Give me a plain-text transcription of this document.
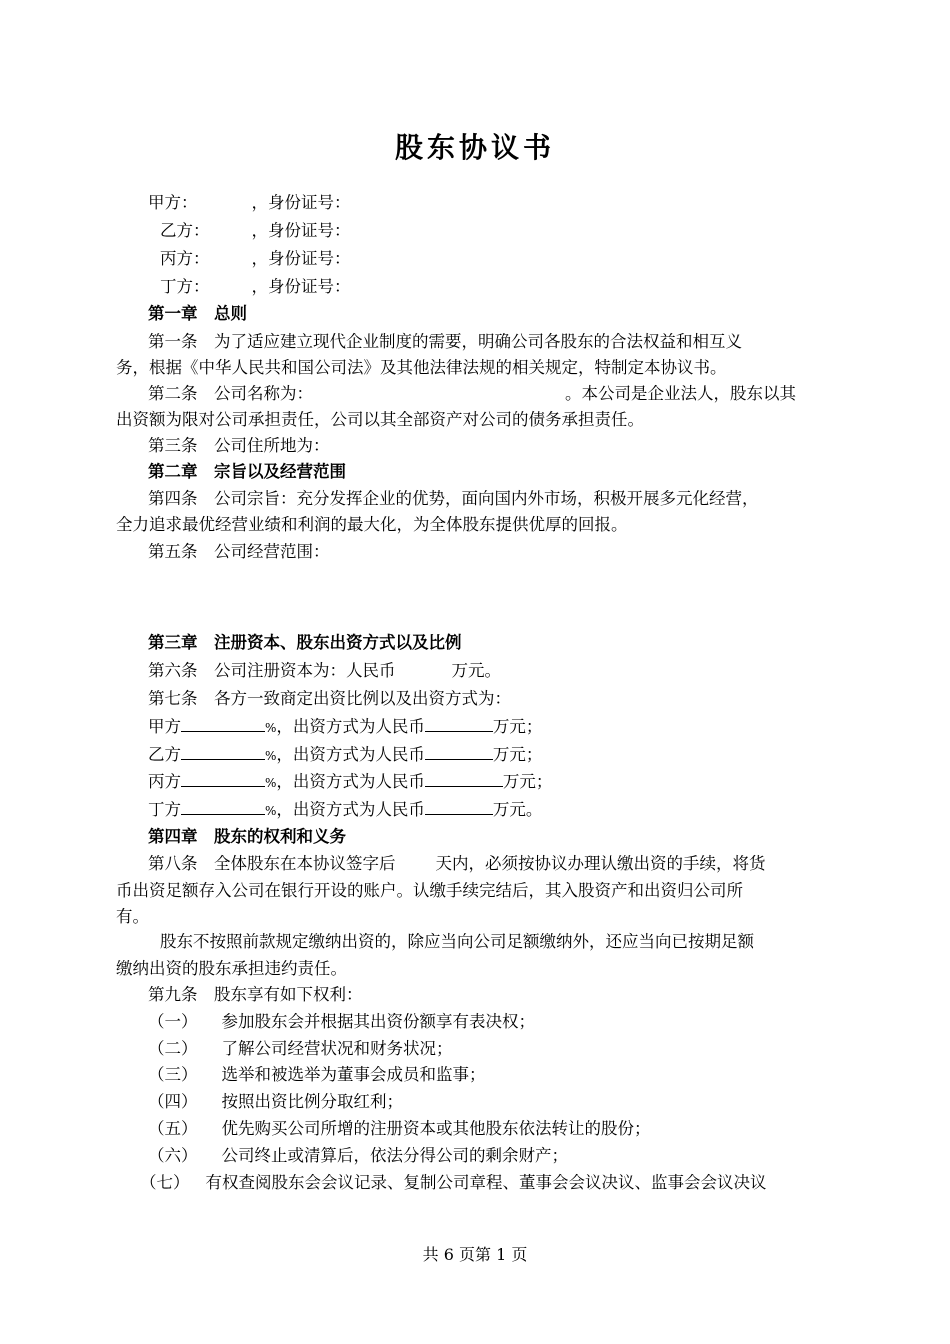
股东协议书
甲方：	，身份证号：
乙方：	，身份证号：
丙方：	，身份证号：
丁方：	，身份证号：
第一章　总则
第一条　为了适应建立现代企业制度的需要，明确公司各股东的合法权益和相互义
务，根据《中华人民共和国公司法》及其他法律法规的相关规定，特制定本协议书。
第二条　公司名称为：	。本公司是企业法人，股东以其
出资额为限对公司承担责任，公司以其全部资产对公司的债务承担责任。
第三条　公司住所地为：
第二章　宗旨以及经营范围
第四条　公司宗旨：充分发挥企业的优势，面向国内外市场，积极开展多元化经营，
全力追求最优经营业绩和利润的最大化，为全体股东提供优厚的回报。
第五条　公司经营范围：
第三章　注册资本、股东出资方式以及比例
第六条　公司注册资本为：人民币	万元。
第七条　各方一致商定出资比例以及出资方式为：
甲方	%，出资方式为人民币	万元；
乙方	%，出资方式为人民币	万元；
丙方	%，出资方式为人民币	万元；
丁方	%，出资方式为人民币	万元。
第四章　股东的权利和义务
第八条　全体股东在本协议签字后 天内，必须按协议办理认缴出资的手续，将货
币出资足额存入公司在银行开设的账户。认缴手续完结后，其入股资产和出资归公司所
有。
股东不按照前款规定缴纳出资的，除应当向公司足额缴纳外，还应当向已按期足额
缴纳出资的股东承担违约责任。
第九条　股东享有如下权利：
（一） 参加股东会并根据其出资份额享有表决权；
（二） 了解公司经营状况和财务状况；
（三） 选举和被选举为董事会成员和监事；
（四） 按照出资比例分取红利；
（五） 优先购买公司所增的注册资本或其他股东依法转让的股份；
（六） 公司终止或清算后，依法分得公司的剩余财产；
（七） 有权查阅股东会会议记录、复制公司章程、董事会会议决议、监事会会议决议
共 6 页第 1 页
